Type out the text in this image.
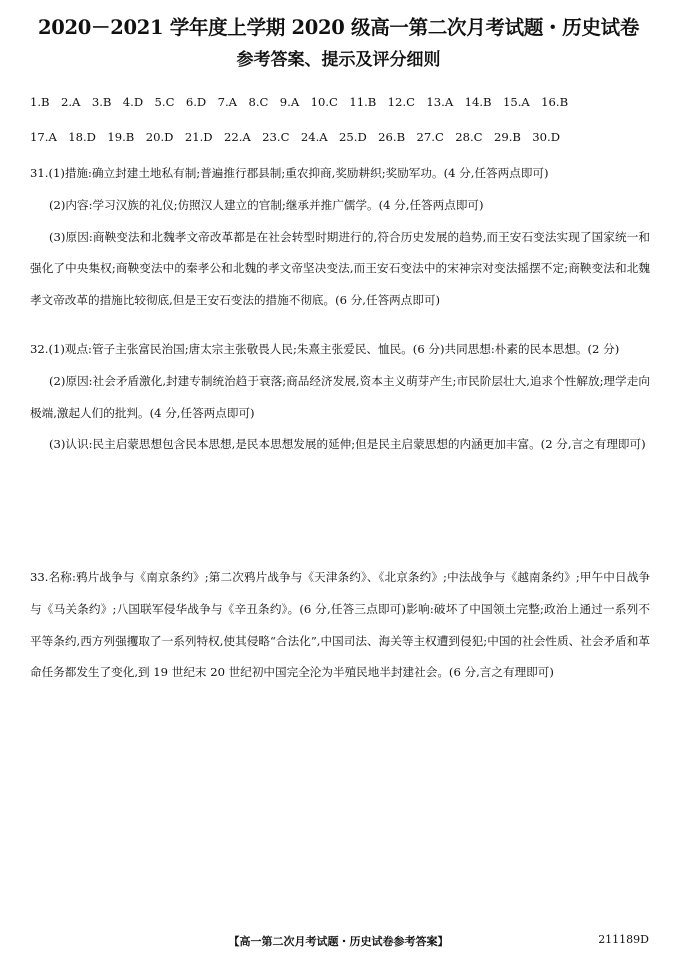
2020－2021 学年度上学期 2020 级高一第二次月考试题・历史试卷
参考答案、提示及评分细则
1.B 2.A 3.B 4.D 5.C 6.D 7.A 8.C 9.A 10.C 11.B 12.C 13.A 14.B 15.A 16.B
17.A 18.D 19.B 20.D 21.D 22.A 23.C 24.A 25.D 26.B 27.C 28.C 29.B 30.D

31.(1)措施:确立封建土地私有制;普遍推行郡县制;重农抑商,奖励耕织;奖励军功。(4 分,任答两点即可)

(2)内容:学习汉族的礼仪;仿照汉人建立的官制;继承并推广儒学。(4 分,任答两点即可)

(3)原因:商鞅变法和北魏孝文帝改革都是在社会转型时期进行的,符合历史发展的趋势,而王安石变法实现了国家统一和强化了中央集权;商鞅变法中的秦孝公和北魏的孝文帝坚决变法,而王安石变法中的宋神宗对变法摇摆不定;商鞅变法和北魏孝文帝改革的措施比较彻底,但是王安石变法的措施不彻底。(6 分,任答两点即可)

32.(1)观点:管子主张富民治国;唐太宗主张敬畏人民;朱熹主张爱民、恤民。(6 分)共同思想:朴素的民本思想。(2 分)

(2)原因:社会矛盾激化,封建专制统治趋于衰落;商品经济发展,资本主义萌芽产生;市民阶层壮大,追求个性解放;理学走向极端,激起人们的批判。(4 分,任答两点即可)

(3)认识:民主启蒙思想包含民本思想,是民本思想发展的延伸;但是民主启蒙思想的内涵更加丰富。(2 分,言之有理即可)

33.名称:鸦片战争与《南京条约》;第二次鸦片战争与《天津条约》、《北京条约》;中法战争与《越南条约》;甲午中日战争与《马关条约》;八国联军侵华战争与《辛丑条约》。(6 分,任答三点即可)影响:破坏了中国领土完整;政治上通过一系列不平等条约,西方列强攫取了一系列特权,使其侵略“合法化”,中国司法、海关等主权遭到侵犯;中国的社会性质、社会矛盾和革命任务都发生了变化,到 19 世纪末 20 世纪初中国完全沦为半殖民地半封建社会。(6 分,言之有理即可)

【高一第二次月考试题・历史试卷参考答案】	211189D
